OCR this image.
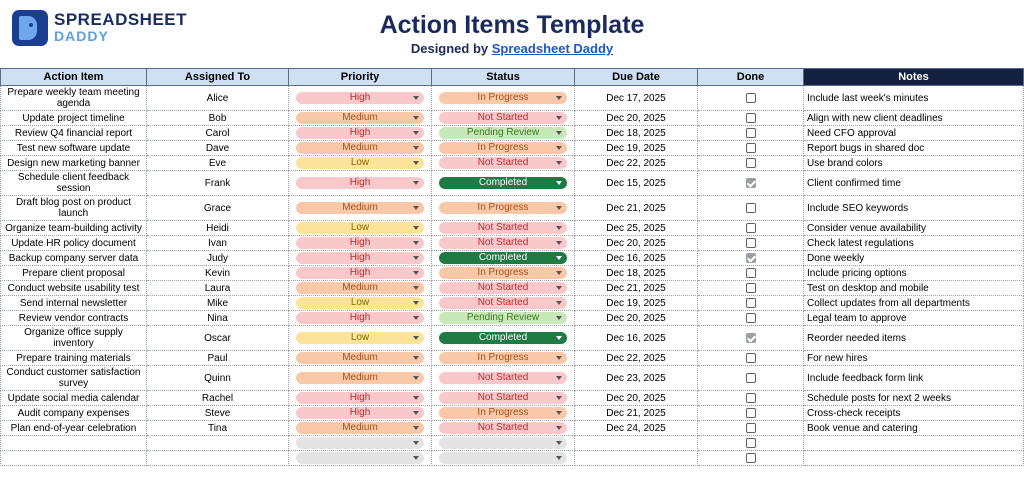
SPREADSHEET
DADDY	Action Items Template
Designed by Spreadsheet Daddy
Action Item	Assigned To	Priority	Status	Due Date	Done	Notes
Prepare weekly team meeting agenda	Alice	High	In Progress	Dec 17, 2025		Include last week's minutes
Update project timeline	Bob	Medium	Not Started	Dec 20, 2025		Align with new client deadlines
Review Q4 financial report	Carol	High	Pending Review	Dec 18, 2025		Need CFO approval
Test new software update	Dave	Medium	In Progress	Dec 19, 2025		Report bugs in shared doc
Design new marketing banner	Eve	Low	Not Started	Dec 22, 2025		Use brand colors
Schedule client feedback session	Frank	High	Completed	Dec 15, 2025		Client confirmed time
Draft blog post on product launch	Grace	Medium	In Progress	Dec 21, 2025		Include SEO keywords
Organize team-building activity	Heidi	Low	Not Started	Dec 25, 2025		Consider venue availability
Update HR policy document	Ivan	High	Not Started	Dec 20, 2025		Check latest regulations
Backup company server data	Judy	High	Completed	Dec 16, 2025		Done weekly
Prepare client proposal	Kevin	High	In Progress	Dec 18, 2025		Include pricing options
Conduct website usability test	Laura	Medium	Not Started	Dec 21, 2025		Test on desktop and mobile
Send internal newsletter	Mike	Low	Not Started	Dec 19, 2025		Collect updates from all departments
Review vendor contracts	Nina	High	Pending Review	Dec 20, 2025		Legal team to approve
Organize office supply inventory	Oscar	Low	Completed	Dec 16, 2025		Reorder needed items
Prepare training materials	Paul	Medium	In Progress	Dec 22, 2025		For new hires
Conduct customer satisfaction survey	Quinn	Medium	Not Started	Dec 23, 2025		Include feedback form link
Update social media calendar	Rachel	High	Not Started	Dec 20, 2025		Schedule posts for next 2 weeks
Audit company expenses	Steve	High	In Progress	Dec 21, 2025		Cross-check receipts
Plan end-of-year celebration	Tina	Medium	Not Started	Dec 24, 2025		Book venue and catering
